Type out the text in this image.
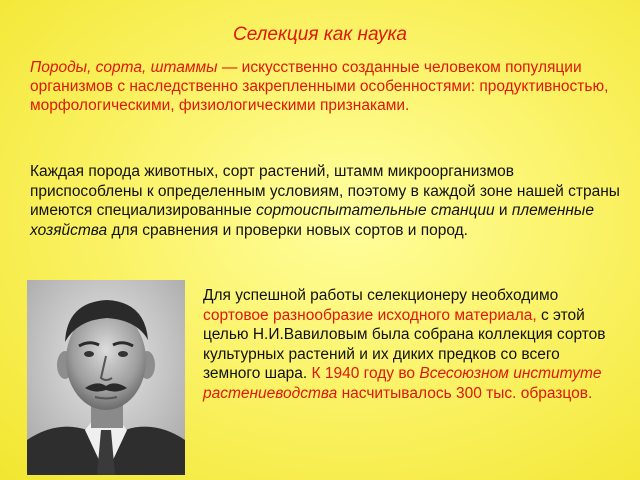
Селекция как наука
Породы, сорта, штаммы — искусственно созданные человеком популяции организмов с наследственно закрепленными особенностями: продуктивностью, морфологическими, физиологическими признаками.
Каждая порода животных, сорт растений, штамм микроорганизмов приспособлены к определенным условиям, поэтому в каждой зоне нашей страны имеются специализированные сортоиспытательные станции и племенные хозяйства для сравнения и проверки новых сортов и пород.
Для успешной работы селекционеру необходимо сортовое разнообразие исходного материала, с этой целью Н.И.Вавиловым была собрана коллекция сортов культурных растений и их диких предков со всего земного шара. К 1940 году во Всесоюзном институте растениеводства насчитывалось 300 тыс. образцов.
